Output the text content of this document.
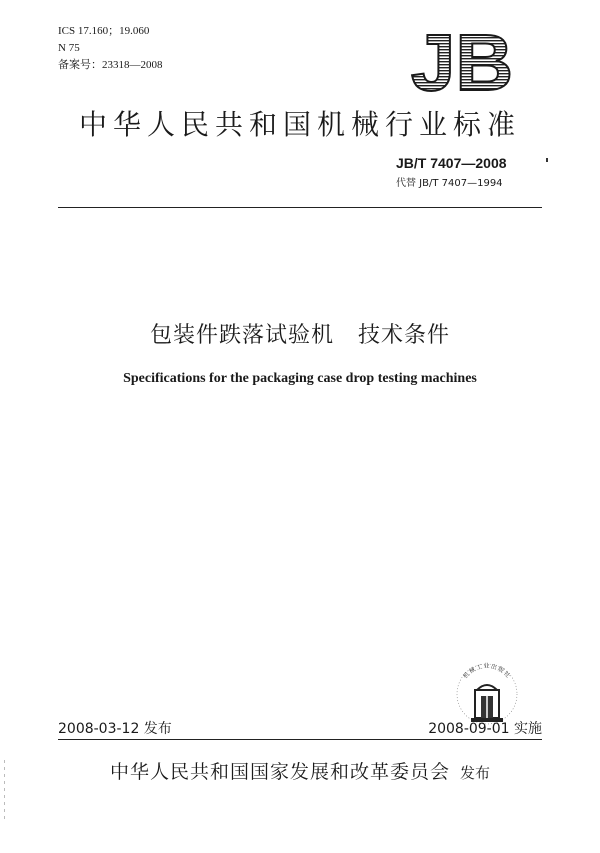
ICS 17.160；19.060
N 75
备案号：23318—2008	JB
中华人民共和国机械行业标准
JB/T 7407—2008
代替 JB/T 7407—1994
包装件跌落试验机   技术条件
Specifications for the packaging case drop testing machines
机械工业出版社
2008-03-12 发布	2008-09-01 实施
中华人民共和国国家发展和改革委员会 发布
